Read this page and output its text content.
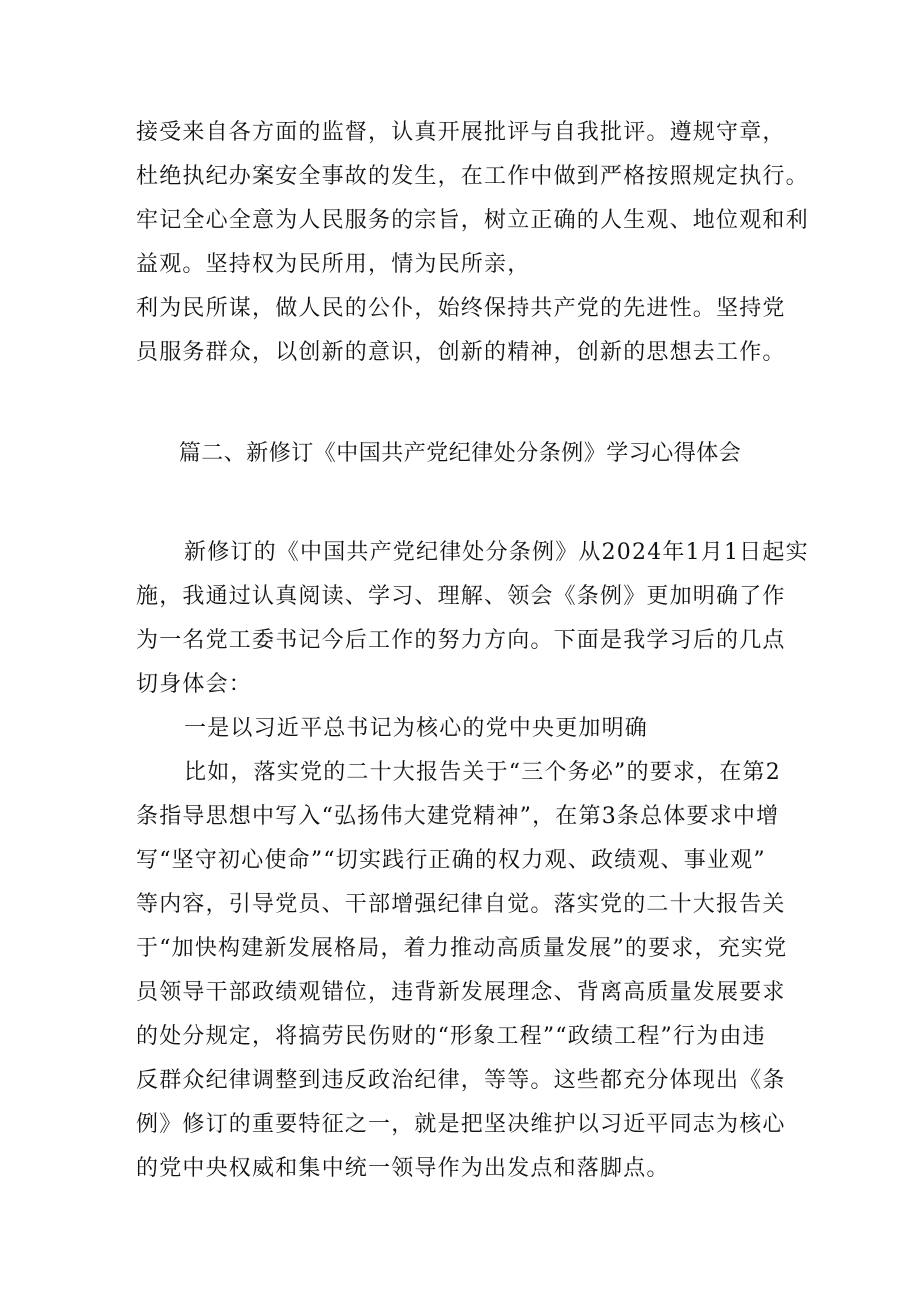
接受来自各方面的监督，认真开展批评与自我批评。遵规守章，
杜绝执纪办案安全事故的发生，在工作中做到严格按照规定执行。
牢记全心全意为人民服务的宗旨，树立正确的人生观、地位观和利
益观。坚持权为民所用，情为民所亲，
利为民所谋，做人民的公仆，始终保持共产党的先进性。坚持党
员服务群众，以创新的意识，创新的精神，创新的思想去工作。
篇二、新修订《中国共产党纪律处分条例》学习心得体会
新修订的《中国共产党纪律处分条例》从2024年1月1日起实
施，我通过认真阅读、学习、理解、领会《条例》更加明确了作
为一名党工委书记今后工作的努力方向。下面是我学习后的几点
切身体会：
一是以习近平总书记为核心的党中央更加明确
比如，落实党的二十大报告关于“三个务必”的要求，在第2
条指导思想中写入“弘扬伟大建党精神”，在第3条总体要求中增
写“坚守初心使命”“切实践行正确的权力观、政绩观、事业观”
等内容，引导党员、干部增强纪律自觉。落实党的二十大报告关
于“加快构建新发展格局，着力推动高质量发展”的要求，充实党
员领导干部政绩观错位，违背新发展理念、背离高质量发展要求
的处分规定，将搞劳民伤财的“形象工程”“政绩工程”行为由违
反群众纪律调整到违反政治纪律，等等。这些都充分体现出《条
例》修订的重要特征之一，就是把坚决维护以习近平同志为核心
的党中央权威和集中统一领导作为出发点和落脚点。
